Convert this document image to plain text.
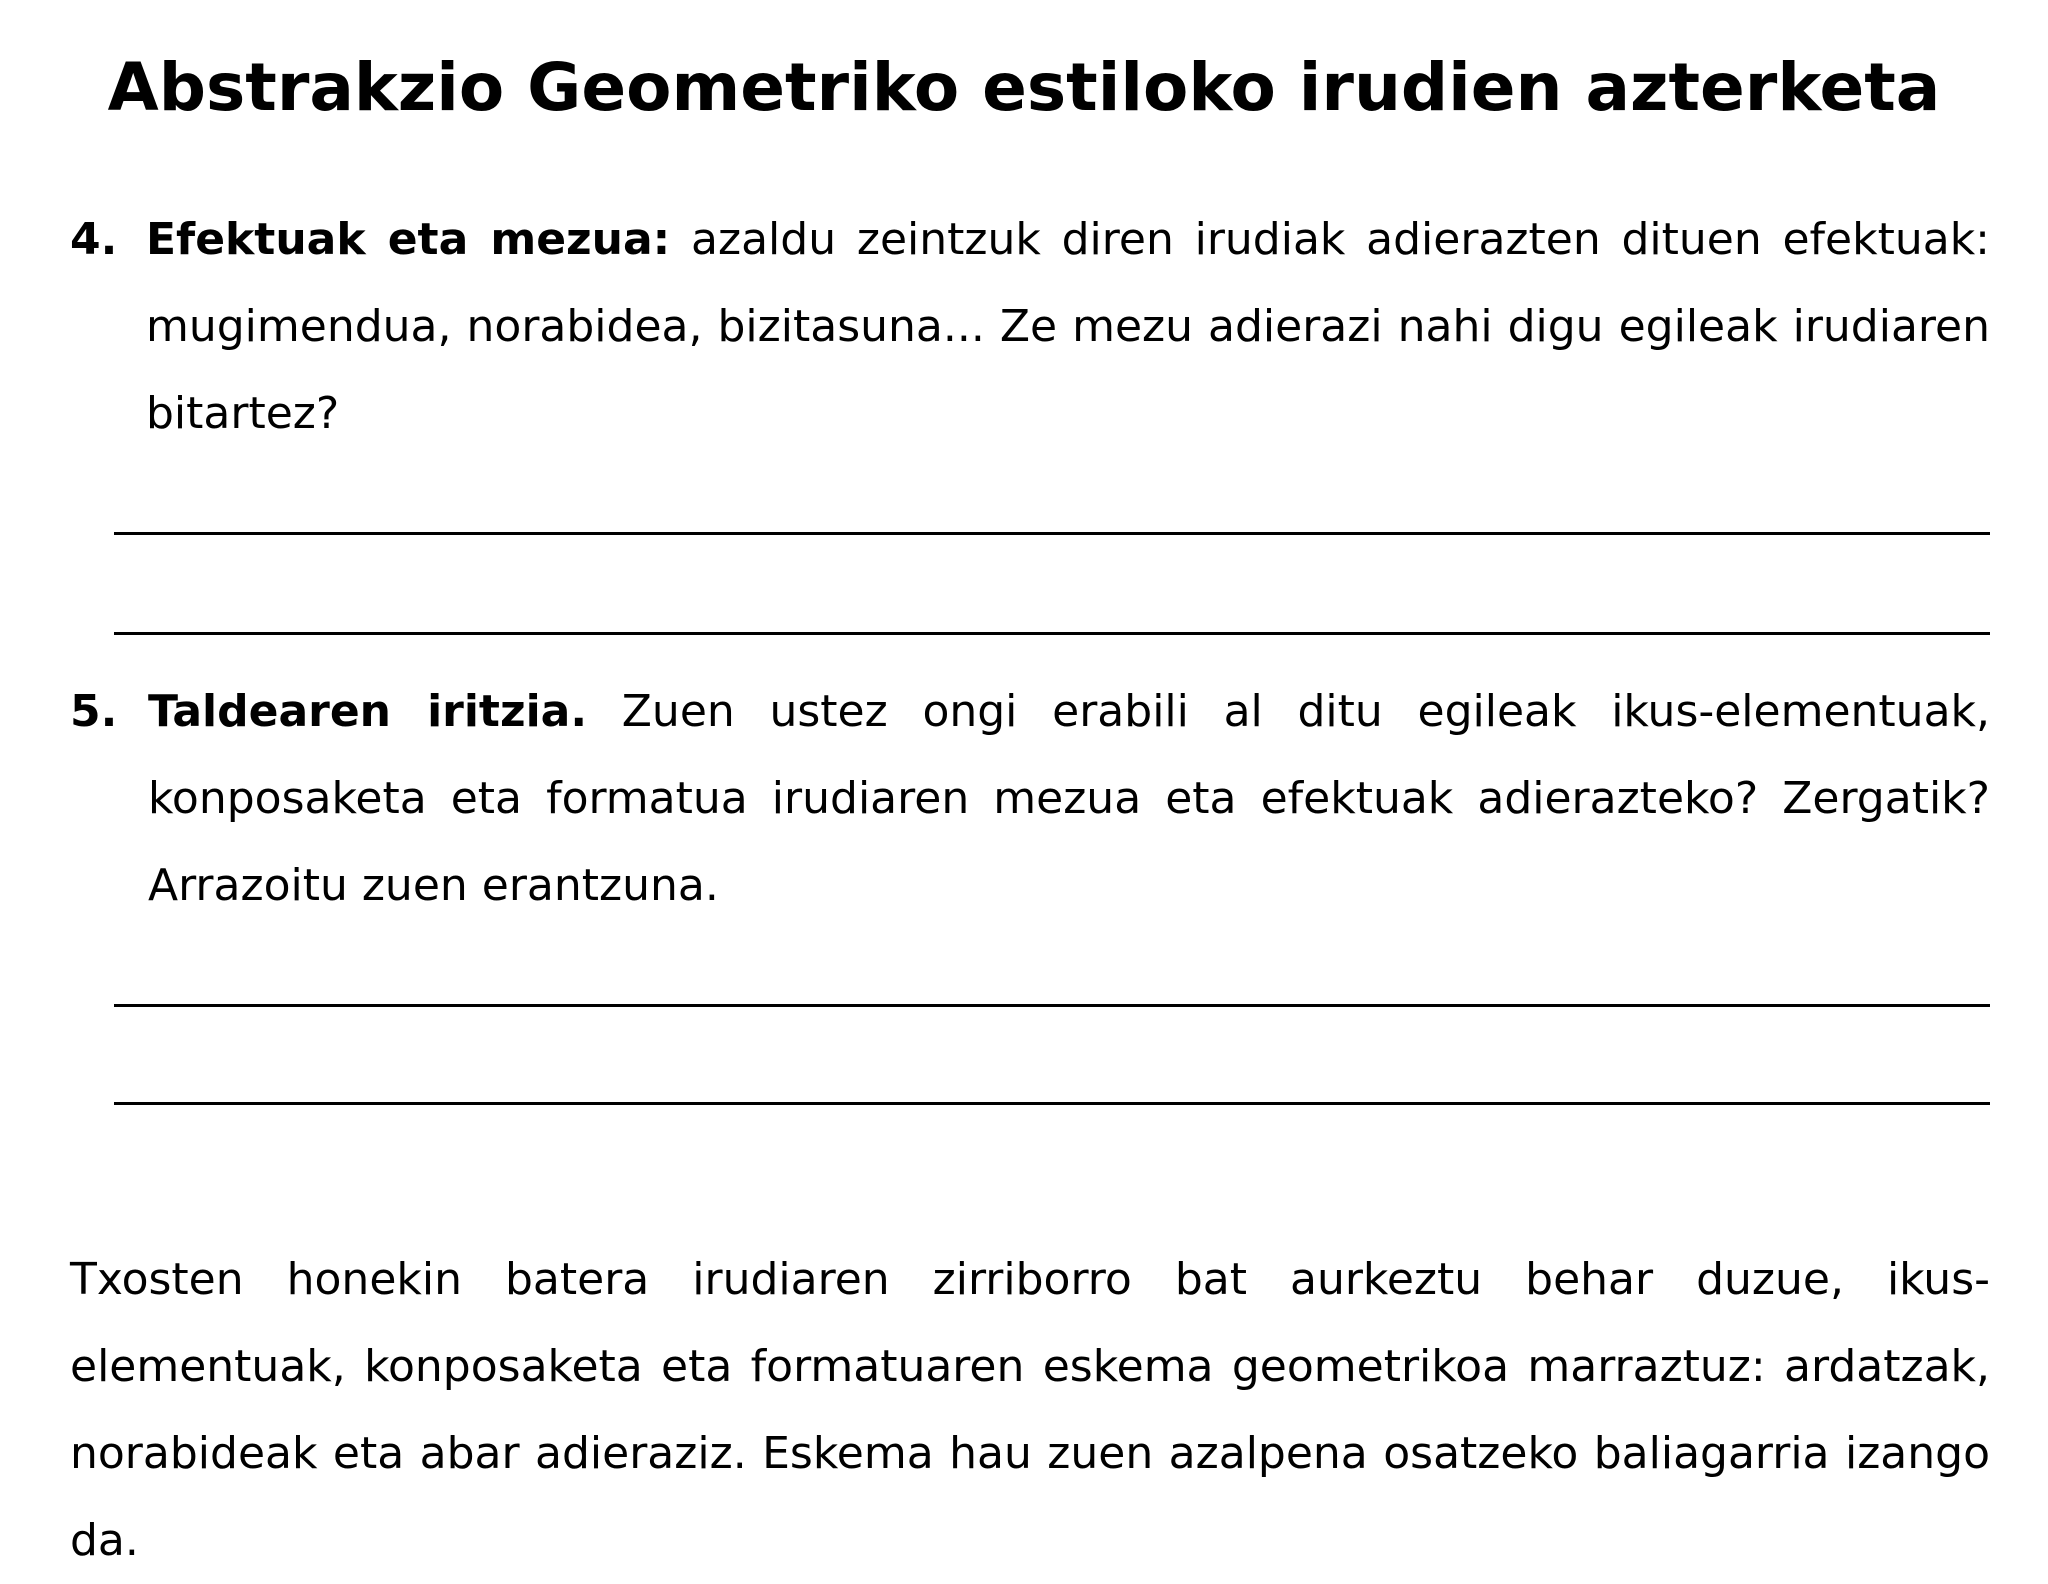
Abstrakzio Geometriko estiloko irudien azterketa
4. Efektuak eta mezua: azaldu zeintzuk diren irudiak adierazten dituen efektuak: mugimendua, norabidea, bizitasuna... Ze mezu adierazi nahi digu egileak irudiaren bitartez?
5. Taldearen iritzia. Zuen ustez ongi erabili al ditu egileak ikus-elementuak, konposaketa eta formatua irudiaren mezua eta efektuak adierazteko? Zergatik? Arrazoitu zuen erantzuna.

Txosten honekin batera irudiaren zirriborro bat aurkeztu behar duzue, ikus-elementuak, konposaketa eta formatuaren eskema geometrikoa marraztuz: ardatzak, norabideak eta abar adieraziz. Eskema hau zuen azalpena osatzeko baliagarria izango da.
